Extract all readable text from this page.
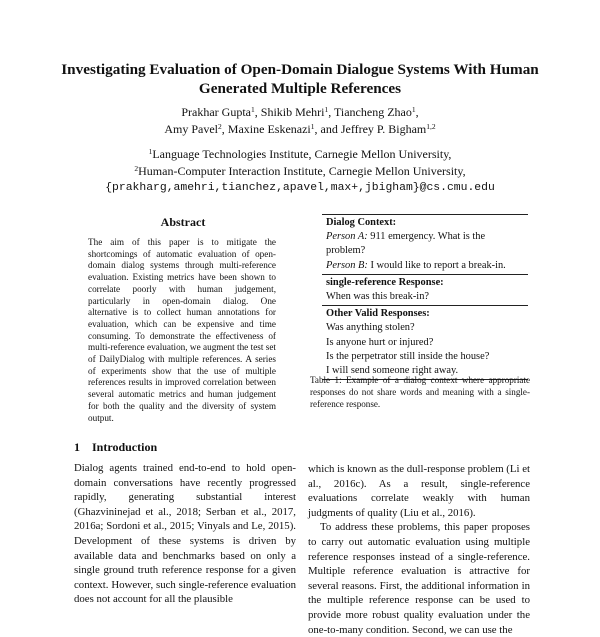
Investigating Evaluation of Open-Domain Dialogue Systems With Human Generated Multiple References
Prakhar Gupta$^1$, Shikib Mehri$^1$, Tiancheng Zhao$^1$,
Amy Pavel$^2$, Maxine Eskenazi$^1$, and Jeffrey P. Bigham$^{1,2}$
$^1$Language Technologies Institute, Carnegie Mellon University,
$^2$Human-Computer Interaction Institute, Carnegie Mellon University,
{prakharg,amehri,tianchez,apavel,max+,jbigham}@cs.cmu.edu
Abstract

The aim of this paper is to mitigate the shortcomings of automatic evaluation of open-domain dialog systems through multi-reference evaluation. Existing metrics have been shown to correlate poorly with human judgement, particularly in open-domain dialog. One alternative is to collect human annotations for evaluation, which can be expensive and time consuming. To demonstrate the effectiveness of multi-reference evaluation, we augment the test set of DailyDialog with multiple references. A series of experiments show that the use of multiple references results in improved correlation between several automatic metrics and human judgement for both the quality and the diversity of system output.

1 Introduction

Dialog agents trained end-to-end to hold open-domain conversations have recently progressed rapidly, generating substantial interest (Ghazvininejad et al., 2018; Serban et al., 2017, 2016a; Sordoni et al., 2015; Vinyals and Le, 2015). Development of these systems is driven by available data and benchmarks based on only a single ground truth reference response for a given context. However, such single-reference evaluation does not account for all the plausible

Dialog Context:
Person A: 911 emergency. What is the problem?
Person B: I would like to report a break-in.
single-reference Response:
When was this break-in?
Other Valid Responses:
Was anything stolen?
Is anyone hurt or injured?
Is the perpetrator still inside the house?
I will send someone right away.

Table 1: Example of a dialog context where appropriate responses do not share words and meaning with a single-reference response.

which is known as the dull-response problem (Li et al., 2016c). As a result, single-reference evaluations correlate weakly with human judgments of quality (Liu et al., 2016).
To address these problems, this paper proposes to carry out automatic evaluation using multiple reference responses instead of a single-reference. Multiple reference evaluation is attractive for several reasons. First, the additional information in the multiple reference response can be used to provide more robust quality evaluation under the one-to-many condition. Second, we can use the
